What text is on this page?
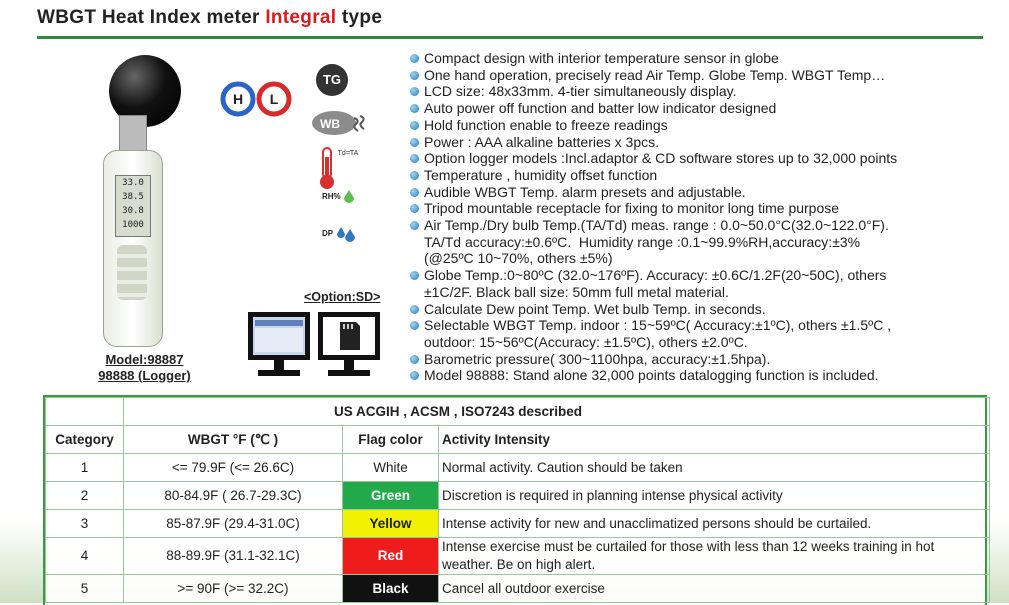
WBGT Heat Index meter Integral type
33.0
38.5
30.8
1000
Model:98887
98888 (Logger)
H L
TG
WB
Td=TA
RH%
DP
<Option:SD>
Compact design with interior temperature sensor in globe
One hand operation, precisely read Air Temp. Globe Temp. WBGT Temp…
LCD size: 48x33mm. 4-tier simultaneously display.
Auto power off function and batter low indicator designed
Hold function enable to freeze readings
Power : AAA alkaline batteries x 3pcs.
Option logger models :Incl.adaptor & CD software stores up to 32,000 points
Temperature , humidity offset function
Audible WBGT Temp. alarm presets and adjustable.
Tripod mountable receptacle for fixing to monitor long time purpose
Air Temp./Dry bulb Temp.(TA/Td) meas. range : 0.0~50.0°C(32.0~122.0°F).
TA/Td accuracy:±0.6ºC.  Humidity range :0.1~99.9%RH,accuracy:±3%
(@25ºC 10~70%, others ±5%)
Globe Temp.:0~80ºC (32.0~176ºF). Accuracy: ±0.6C/1.2F(20~50C), others
±1C/2F. Black ball size: 50mm full metal material.
Calculate Dew point Temp. Wet bulb Temp. in seconds.
Selectable WBGT Temp. indoor : 15~59ºC( Accuracy:±1ºC), others ±1.5ºC ,
outdoor: 15~56ºC(Accuracy: ±1.5ºC), others ±2.0ºC.
Barometric pressure( 300~1100hpa, accuracy:±1.5hpa).
Model 98888: Stand alone 32,000 points datalogging function is included.
	US ACGIH , ACSM , ISO7243 described		
Category	WBGT °F (℃ )	Flag color	Activity Intensity
1	<= 79.9F (<= 26.6C)	White	Normal activity. Caution should be taken
2	80-84.9F ( 26.7-29.3C)	Green	Discretion is required in planning intense physical activity
3	85-87.9F (29.4-31.0C)	Yellow	Intense activity for new and unacclimatized persons should be curtailed.
4	88-89.9F (31.1-32.1C)	Red	Intense exercise must be curtailed for those with less than 12 weeks training in hot weather. Be on high alert.
5	>= 90F (>= 32.2C)	Black	Cancel all outdoor exercise
